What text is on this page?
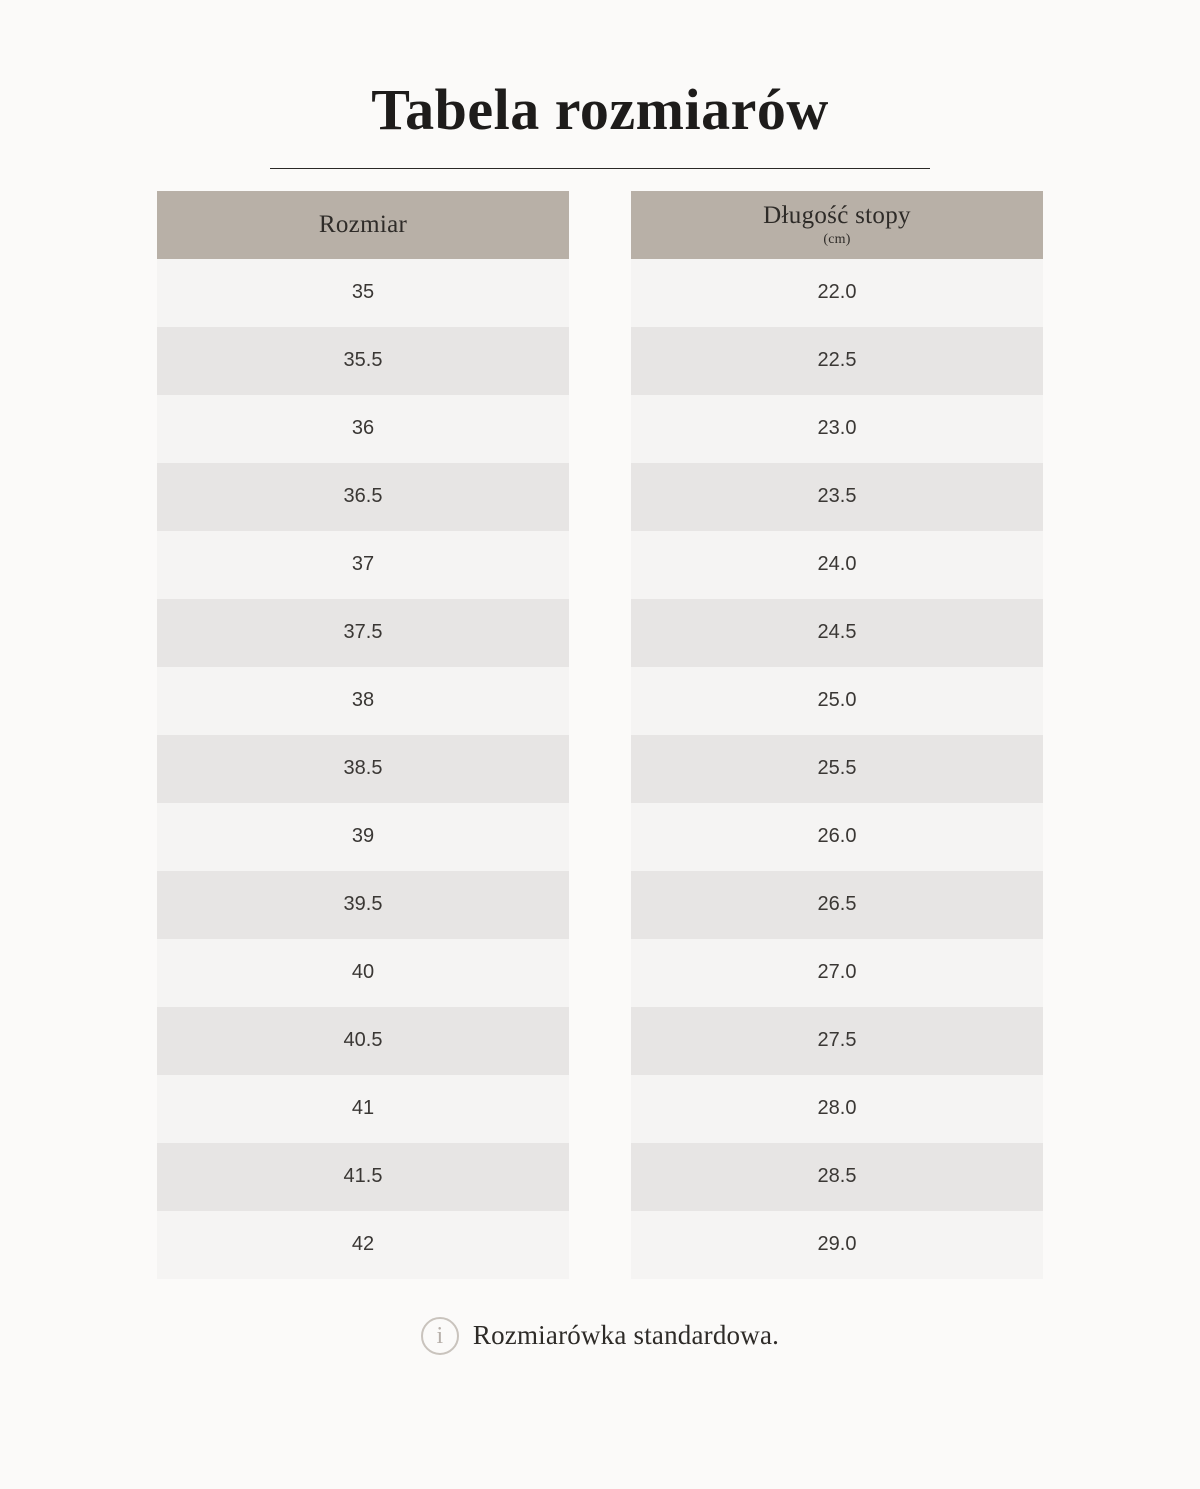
Tabela rozmiarów
Rozmiar
35
35.5
36
36.5
37
37.5
38
38.5
39
39.5
40
40.5
41
41.5
42
Długość stopy
(cm)
22.0
22.5
23.0
23.5
24.0
24.5
25.0
25.5
26.0
26.5
27.0
27.5
28.0
28.5
29.0
i	Rozmiarówka standardowa.
